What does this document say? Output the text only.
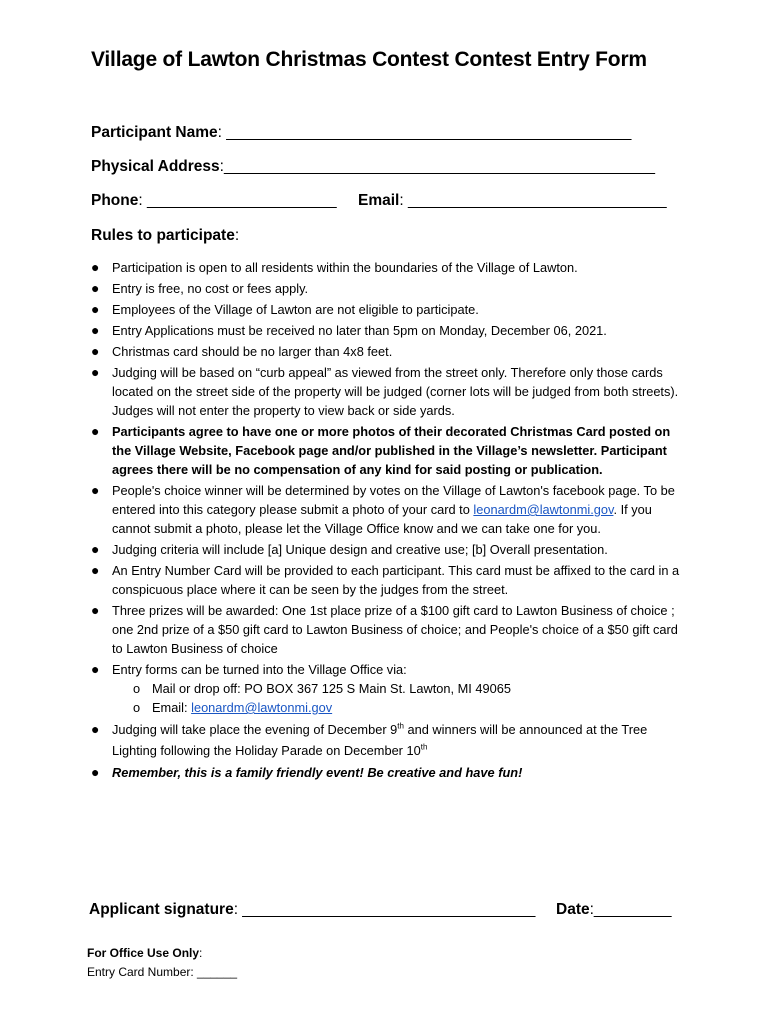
Village of Lawton Christmas Contest Contest Entry Form
Participant Name: _______________________________________________
Physical Address:__________________________________________________
Phone: ______________________ Email: ______________________________
Rules to participate:
● Participation is open to all residents within the boundaries of the Village of Lawton.
● Entry is free, no cost or fees apply.
● Employees of the Village of Lawton are not eligible to participate.
● Entry Applications must be received no later than 5pm on Monday, December 06, 2021.
● Christmas card should be no larger than 4x8 feet.
● Judging will be based on “curb appeal” as viewed from the street only. Therefore only those cards located on the street side of the property will be judged (corner lots will be judged from both streets). Judges will not enter the property to view back or side yards.
● Participants agree to have one or more photos of their decorated Christmas Card posted on the Village Website, Facebook page and/or published in the Village’s newsletter. Participant agrees there will be no compensation of any kind for said posting or publication.
● People's choice winner will be determined by votes on the Village of Lawton's facebook page. To be entered into this category please submit a photo of your card to leonardm@lawtonmi.gov. If you cannot submit a photo, please let the Village Office know and we can take one for you.
● Judging criteria will include [a] Unique design and creative use; [b] Overall presentation.
● An Entry Number Card will be provided to each participant. This card must be affixed to the card in a conspicuous place where it can be seen by the judges from the street.
● Three prizes will be awarded: One 1st place prize of a $100 gift card to Lawton Business of choice ; one 2nd prize of a $50 gift card to Lawton Business of choice; and People's choice of a $50 gift card to Lawton Business of choice
● Entry forms can be turned into the Village Office via:
o Mail or drop off: PO BOX 367 125 S Main St. Lawton, MI 49065
o Email: leonardm@lawtonmi.gov
● Judging will take place the evening of December 9th and winners will be announced at the Tree Lighting following the Holiday Parade on December 10th
● Remember, this is a family friendly event! Be creative and have fun!
Applicant signature: __________________________________ Date:_________
For Office Use Only:
Entry Card Number: ______
